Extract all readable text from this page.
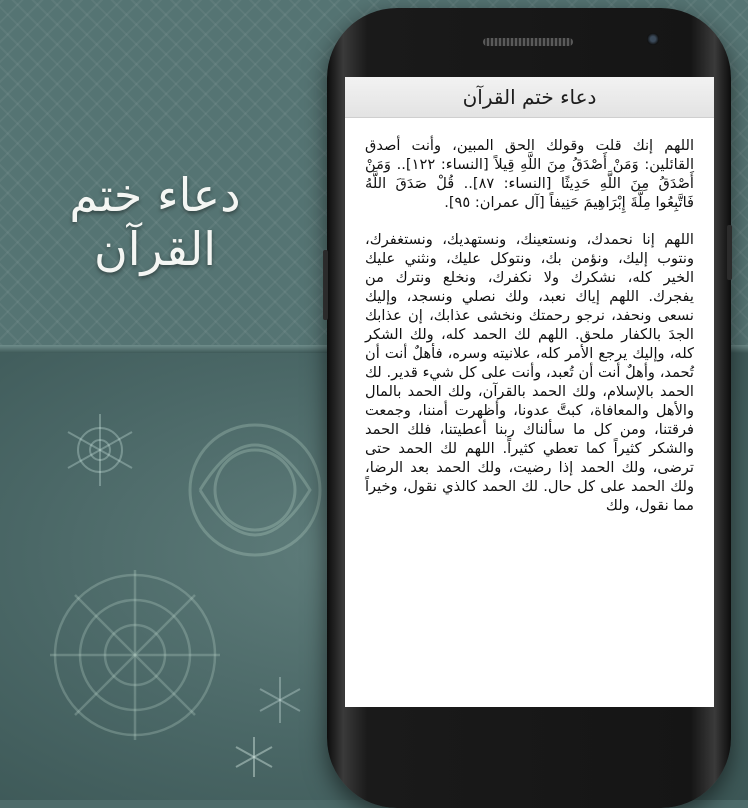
دعاء ختم القرآن
دعاء ختم القرآن

اللهم إنك قلت وقولك الحق المبين، وأنت أصدق القائلين: وَمَنْ أَصْدَقُ مِنَ اللَّهِ قِيلاً [النساء: ١٢٢].. وَمَنْ أَصْدَقُ مِنَ اللَّهِ حَدِيثًا [النساء: ٨٧].. قُلْ صَدَقَ اللَّهُ فَاتَّبِعُوا مِلَّةَ إِبْرَاهِيمَ حَنِيفاً [آل عمران: ٩٥].

اللهم إنا نحمدك، ونستعينك، ونستهديك، ونستغفرك، ونتوب إليك، ونؤمن بك، ونتوكل عليك، ونثني عليك الخير كله، نشكرك ولا نكفرك، ونخلع ونترك من يفجرك. اللهم إياك نعبد، ولك نصلي ونسجد، وإليك نسعى ونحفد، نرجو رحمتك ونخشى عذابك، إن عذابك الجدَ بالكفار ملحق. اللهم لك الحمد كله، ولك الشكر كله، وإليك يرجع الأمر كله، علانيته وسره، فأهلٌ أنت أن تُحمد، وأهلٌ أنت أن تُعبد، وأنت على كل شيء قدير. لك الحمد بالإسلام، ولك الحمد بالقرآن، ولك الحمد بالمال والأهل والمعافاة، كبتَّ عدونا، وأظهرت أمننا، وجمعت فرقتنا، ومن كل ما سألناك ربنا أعطيتنا، فلك الحمد والشكر كثيراً كما تعطي كثيراً. اللهم لك الحمد حتى ترضى، ولك الحمد إذا رضيت، ولك الحمد بعد الرضا، ولك الحمد على كل حال. لك الحمد كالذي نقول، وخيراً مما نقول، ولك
